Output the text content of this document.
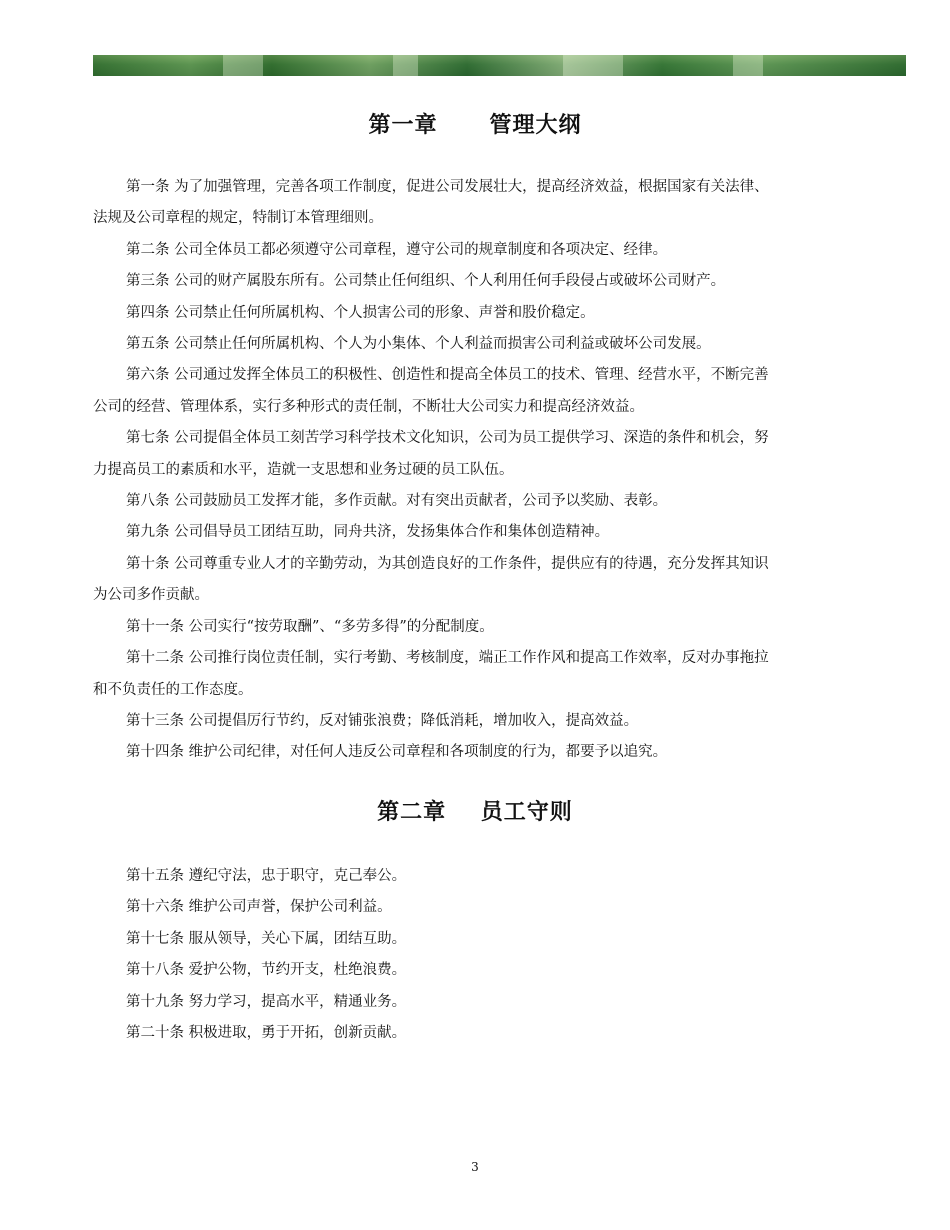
第一章      管理大纲
第一条 为了加强管理，完善各项工作制度，促进公司发展壮大，提高经济效益，根据国家有关法律、
法规及公司章程的规定，特制订本管理细则。
第二条 公司全体员工都必须遵守公司章程，遵守公司的规章制度和各项决定、经律。
第三条 公司的财产属股东所有。公司禁止任何组织、个人利用任何手段侵占或破坏公司财产。
第四条 公司禁止任何所属机构、个人损害公司的形象、声誉和股价稳定。
第五条 公司禁止任何所属机构、个人为小集体、个人利益而损害公司利益或破坏公司发展。
第六条 公司通过发挥全体员工的积极性、创造性和提高全体员工的技术、管理、经营水平，不断完善
公司的经营、管理体系，实行多种形式的责任制，不断壮大公司实力和提高经济效益。
第七条 公司提倡全体员工刻苦学习科学技术文化知识，公司为员工提供学习、深造的条件和机会，努
力提高员工的素质和水平，造就一支思想和业务过硬的员工队伍。
第八条 公司鼓励员工发挥才能，多作贡献。对有突出贡献者，公司予以奖励、表彰。
第九条 公司倡导员工团结互助，同舟共济，发扬集体合作和集体创造精神。
第十条 公司尊重专业人才的辛勤劳动，为其创造良好的工作条件，提供应有的待遇，充分发挥其知识
为公司多作贡献。
第十一条 公司实行“按劳取酬”、“多劳多得”的分配制度。
第十二条 公司推行岗位责任制，实行考勤、考核制度，端正工作作风和提高工作效率，反对办事拖拉
和不负责任的工作态度。
第十三条 公司提倡厉行节约，反对铺张浪费；降低消耗，增加收入，提高效益。
第十四条 维护公司纪律，对任何人违反公司章程和各项制度的行为，都要予以追究。
第二章    员工守则
第十五条 遵纪守法，忠于职守，克己奉公。
第十六条 维护公司声誉，保护公司利益。
第十七条 服从领导，关心下属，团结互助。
第十八条 爱护公物，节约开支，杜绝浪费。
第十九条 努力学习，提高水平，精通业务。
第二十条 积极进取，勇于开拓，创新贡献。
3
